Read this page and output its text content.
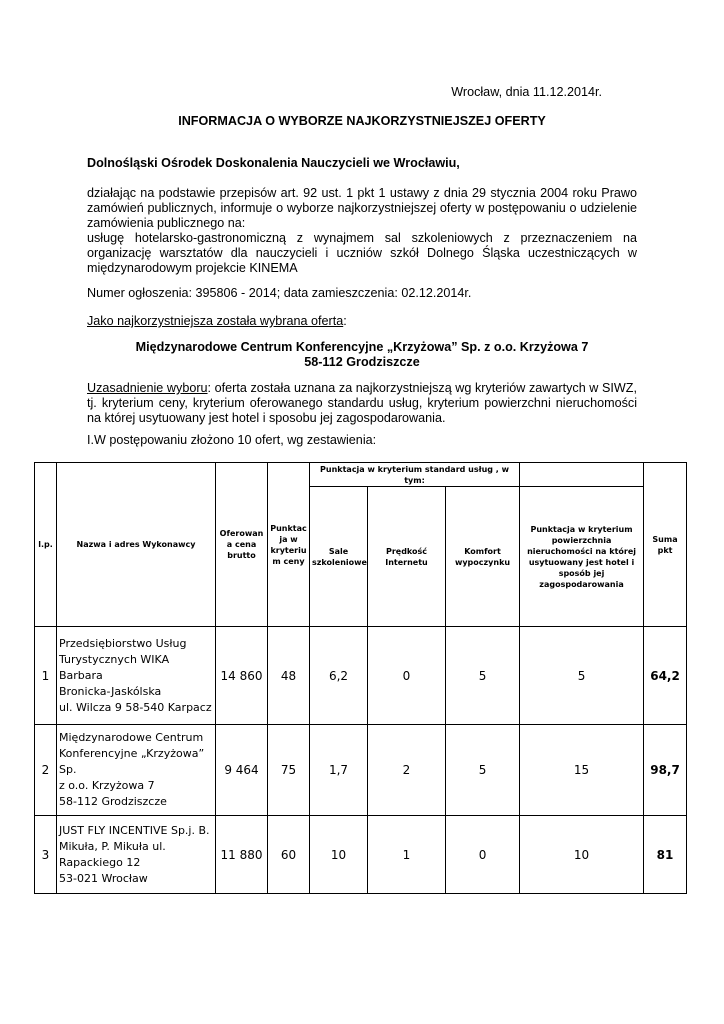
Wrocław, dnia 11.12.2014r.
INFORMACJA O WYBORZE NAJKORZYSTNIEJSZEJ OFERTY
Dolnośląski Ośrodek Doskonalenia Nauczycieli we Wrocławiu,
działając na podstawie przepisów art. 92 ust. 1 pkt 1 ustawy z dnia 29 stycznia 2004 roku Prawo zamówień publicznych, informuje o wyborze najkorzystniejszej oferty w postępowaniu o udzielenie zamówienia publicznego na:
usługę hotelarsko-gastronomiczną z wynajmem sal szkoleniowych z przeznaczeniem na organizację warsztatów dla nauczycieli i uczniów szkół Dolnego Śląska uczestniczących w międzynarodowym projekcie KINEMA
Numer ogłoszenia: 395806 - 2014; data zamieszczenia: 02.12.2014r.
Jako najkorzystniejsza została wybrana oferta:
Międzynarodowe Centrum Konferencyjne „Krzyżowa” Sp. z o.o. Krzyżowa 7
58-112 Grodziszcze
Uzasadnienie wyboru: oferta została uznana za najkorzystniejszą wg kryteriów zawartych w SIWZ, tj. kryterium ceny, kryterium oferowanego standardu usług, kryterium powierzchni nieruchomości na której usytuowany jest hotel i sposobu jej zagospodarowania.
I.W postępowaniu złożono 10 ofert, wg zestawienia:
l.p.	Nazwa i adres Wykonawcy	Oferowan a cena brutto	Punktac ja w kryteriu m ceny	Punktacja w kryterium standard usług , w tym:				Suma pkt
				Sale szkoleniowe	Prędkość Internetu	Komfort wypoczynku	Punktacja w kryterium powierzchnia nieruchomości na której usytuowany jest hotel i sposób jej zagospodarowania	
1	Przedsiębiorstwo Usług
Turystycznych WIKA Barbara
Bronicka-Jaskólska
ul. Wilcza 9 58-540 Karpacz	14 860	48	6,2	0	5	5	64,2
2	Międzynarodowe Centrum
Konferencyjne „Krzyżowa” Sp.
z o.o. Krzyżowa 7
58-112 Grodziszcze	9 464	75	1,7	2	5	15	98,7
3	JUST FLY INCENTIVE Sp.j. B.
Mikuła, P. Mikuła ul.
Rapackiego 12
53-021 Wrocław	11 880	60	10	1	0	10	81
